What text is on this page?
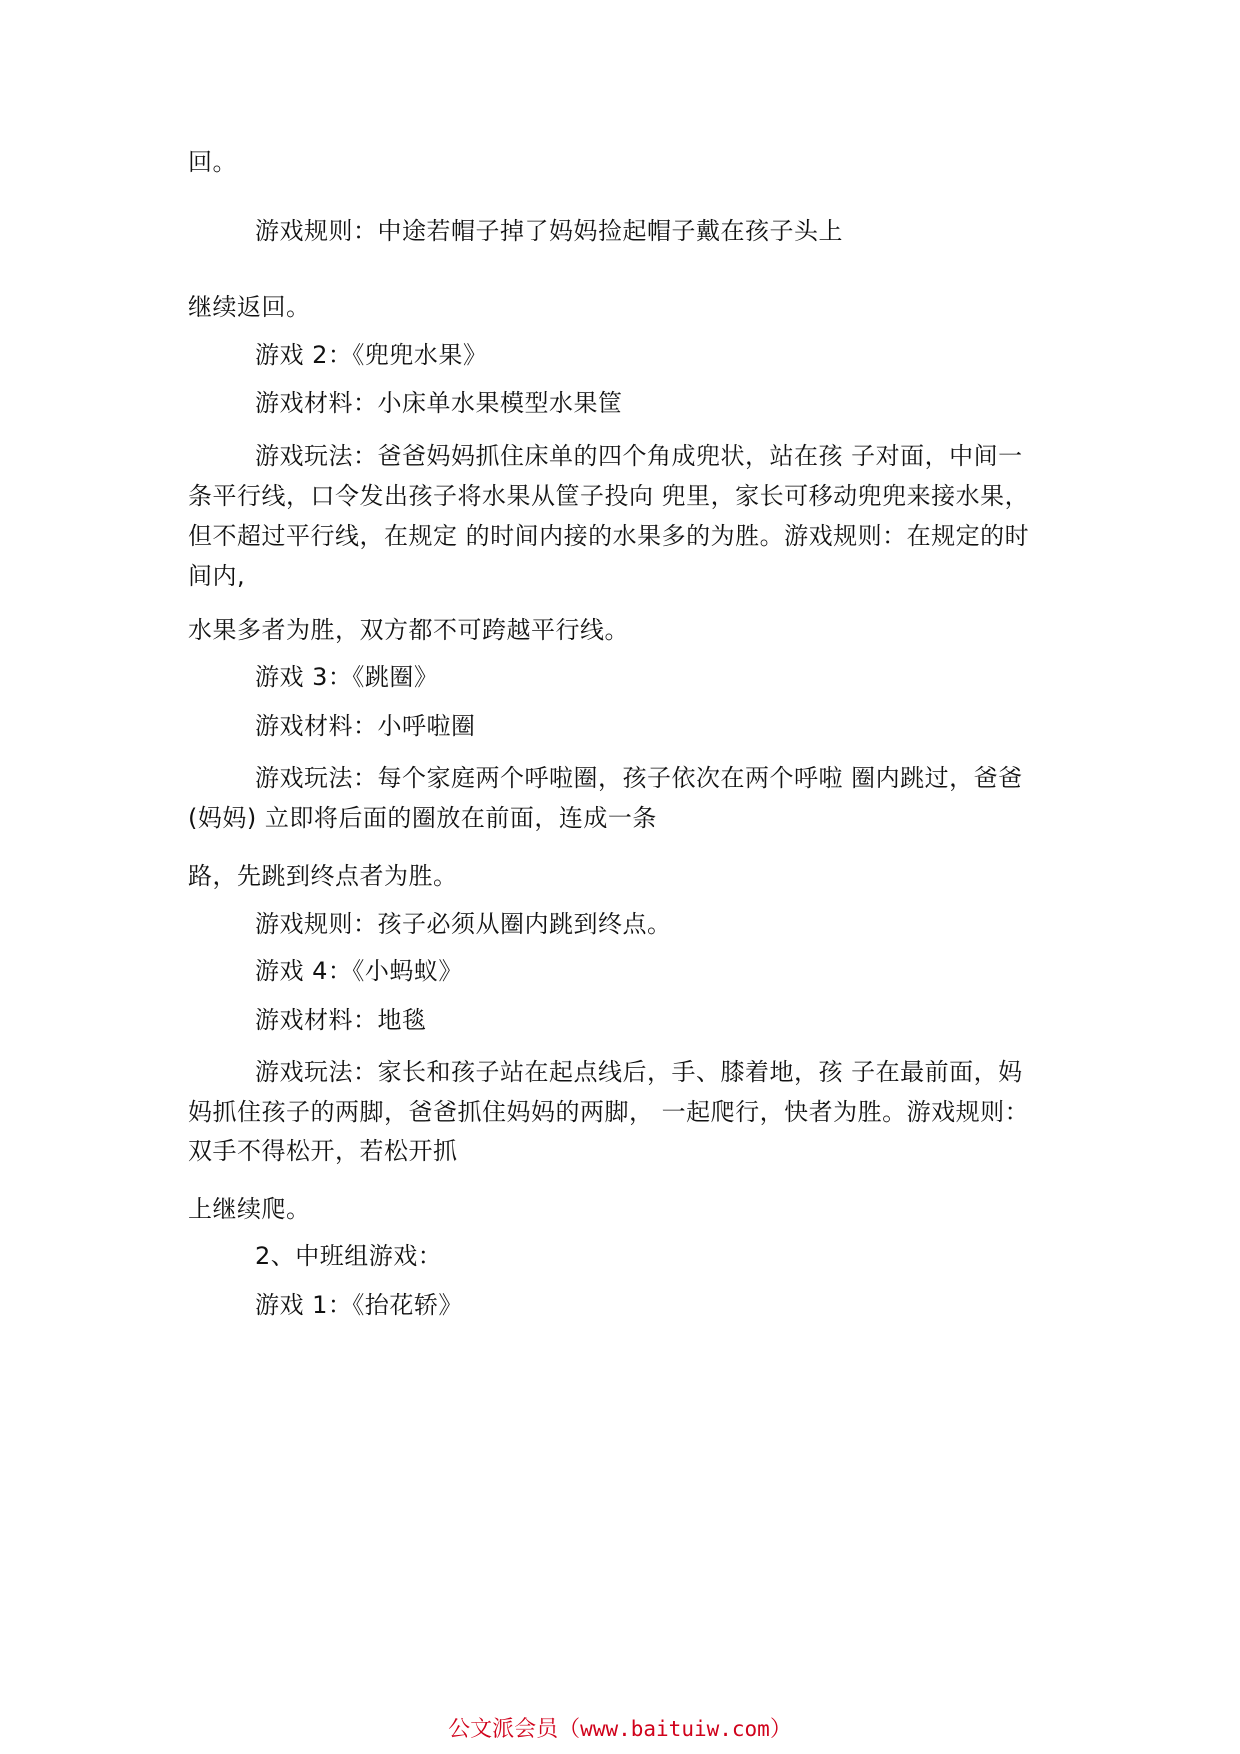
回。
游戏规则：中途若帽子掉了妈妈捡起帽子戴在孩子头上
继续返回。
游戏 2：《兜兜水果》
游戏材料：小床单水果模型水果筐
游戏玩法：爸爸妈妈抓住床单的四个角成兜状，站在孩 子对面，中间一
条平行线，口令发出孩子将水果从筐子投向 兜里，家长可移动兜兜来接水果，
但不超过平行线，在规定 的时间内接的水果多的为胜。游戏规则：在规定的时
间内,
水果多者为胜，双方都不可跨越平行线。
游戏 3：《跳圈》
游戏材料：小呼啦圈
游戏玩法：每个家庭两个呼啦圈，孩子依次在两个呼啦 圈内跳过，爸爸
(妈妈) 立即将后面的圈放在前面，连成一条
路，先跳到终点者为胜。
游戏规则：孩子必须从圈内跳到终点。
游戏 4：《小蚂蚁》
游戏材料：地毯
游戏玩法：家长和孩子站在起点线后，手、膝着地，孩 子在最前面，妈
妈抓住孩子的两脚，爸爸抓住妈妈的两脚， 一起爬行，快者为胜。游戏规则：
双手不得松开，若松开抓
上继续爬。
2、中班组游戏：
游戏 1：《抬花轿》
公文派会员（www.baituiw.com）
